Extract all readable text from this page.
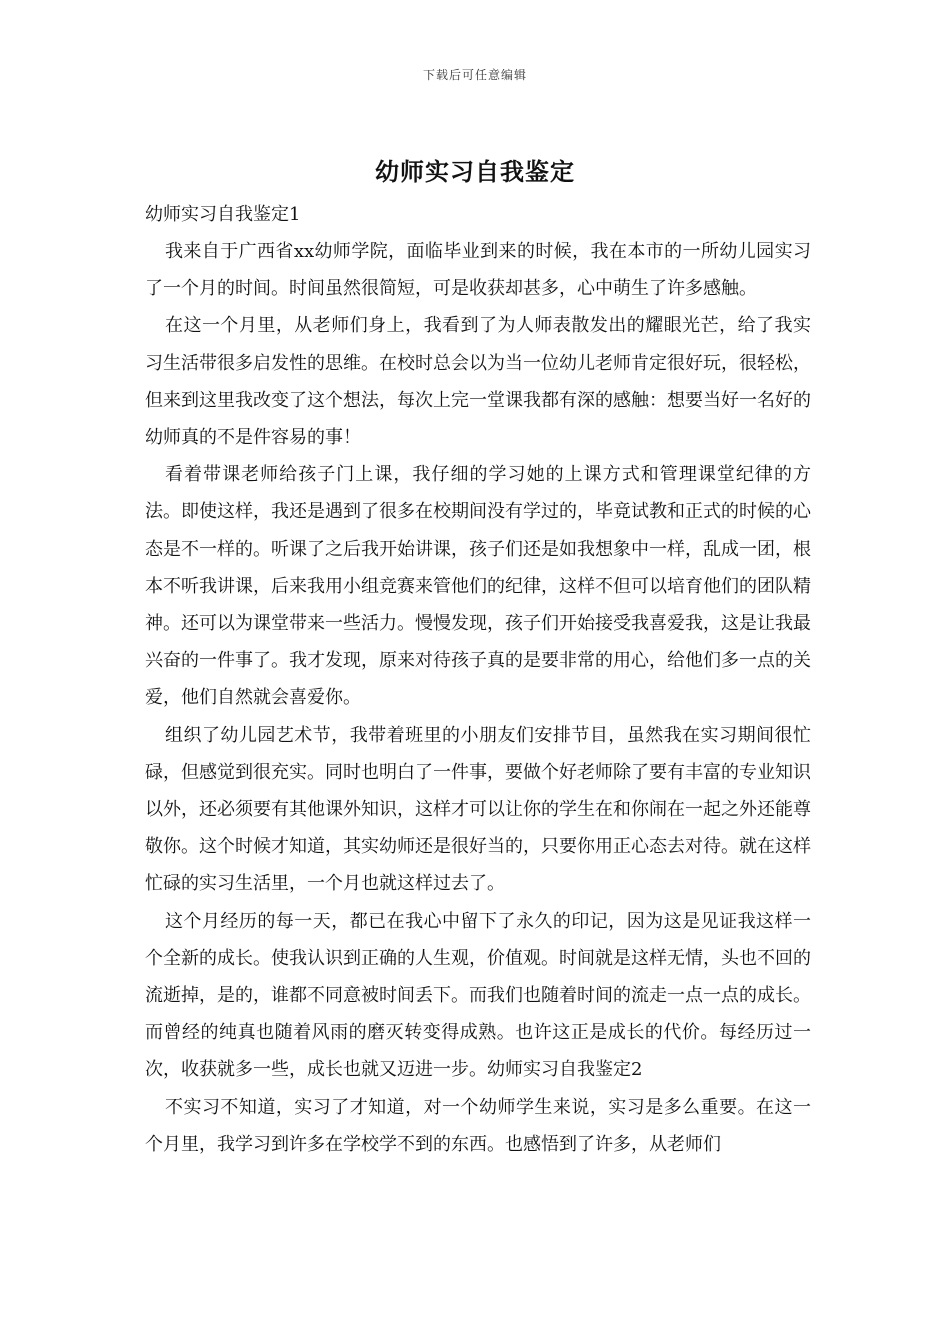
下载后可任意编辑
幼师实习自我鉴定

幼师实习自我鉴定1

我来自于广西省xx幼师学院，面临毕业到来的时候，我在本市的一所幼儿园实习了一个月的时间。时间虽然很简短，可是收获却甚多，心中萌生了许多感触。

在这一个月里，从老师们身上，我看到了为人师表散发出的耀眼光芒，给了我实习生活带很多启发性的思维。在校时总会以为当一位幼儿老师肯定很好玩，很轻松，但来到这里我改变了这个想法，每次上完一堂课我都有深的感触：想要当好一名好的幼师真的不是件容易的事！

看着带课老师给孩子门上课，我仔细的学习她的上课方式和管理课堂纪律的方法。即使这样，我还是遇到了很多在校期间没有学过的，毕竟试教和正式的时候的心态是不一样的。听课了之后我开始讲课，孩子们还是如我想象中一样，乱成一团，根本不听我讲课，后来我用小组竞赛来管他们的纪律，这样不但可以培育他们的团队精神。还可以为课堂带来一些活力。慢慢发现，孩子们开始接受我喜爱我，这是让我最兴奋的一件事了。我才发现，原来对待孩子真的是要非常的用心，给他们多一点的关爱，他们自然就会喜爱你。

组织了幼儿园艺术节，我带着班里的小朋友们安排节目，虽然我在实习期间很忙碌，但感觉到很充实。同时也明白了一件事，要做个好老师除了要有丰富的专业知识以外，还必须要有其他课外知识，这样才可以让你的学生在和你闹在一起之外还能尊敬你。这个时候才知道，其实幼师还是很好当的，只要你用正心态去对待。就在这样忙碌的实习生活里，一个月也就这样过去了。

这个月经历的每一天，都已在我心中留下了永久的印记，因为这是见证我这样一个全新的成长。使我认识到正确的人生观，价值观。时间就是这样无情，头也不回的流逝掉，是的，谁都不同意被时间丢下。而我们也随着时间的流走一点一点的成长。而曾经的纯真也随着风雨的磨灭转变得成熟。也许这正是成长的代价。每经历过一次，收获就多一些，成长也就又迈进一步。幼师实习自我鉴定2

不实习不知道，实习了才知道，对一个幼师学生来说，实习是多么重要。在这一个月里，我学习到许多在学校学不到的东西。也感悟到了许多，从老师们
